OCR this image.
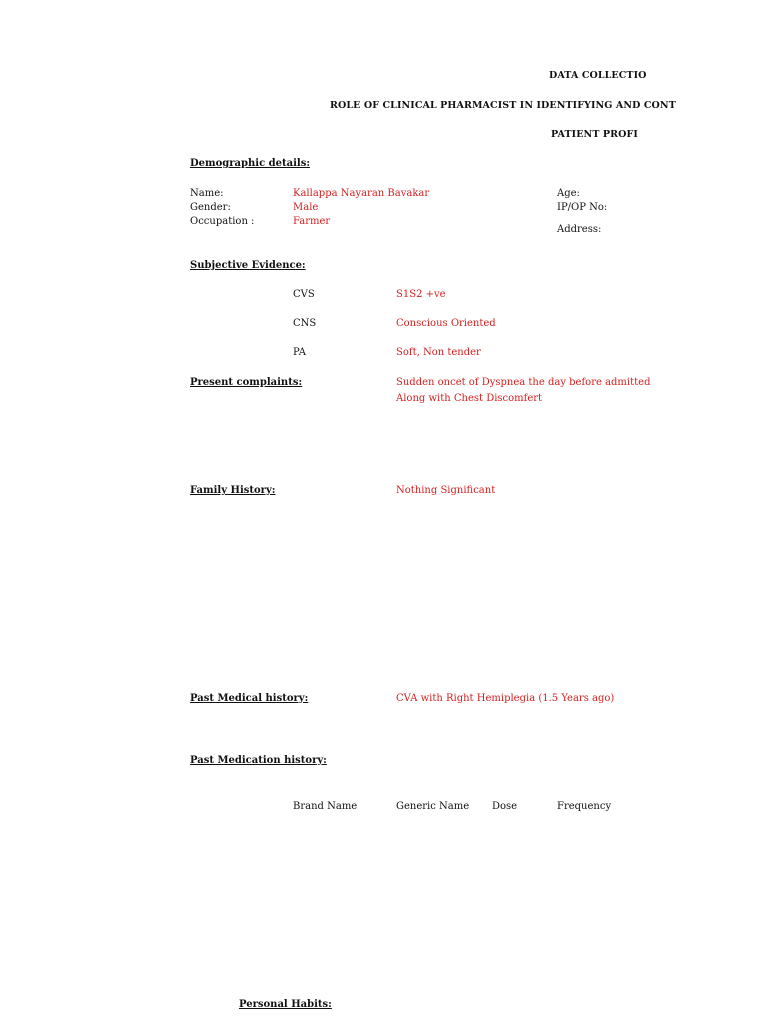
DATA COLLECTIO
ROLE OF CLINICAL PHARMACIST IN IDENTIFYING AND CONT
PATIENT PROFI
Demographic details:
Name:	Kallappa Nayaran Bavakar	Age:
Gender:	Male	IP/OP No:
Occupation :	Farmer
Address:
Subjective Evidence:
CVS	S1S2 +ve
CNS	Conscious Oriented
PA	Soft, Non tender
Present complaints:	Sudden oncet of Dyspnea the day before admitted
Along with Chest Discomfert
Family History:	Nothing Significant
Past Medical history:	CVA with Right Hemiplegia (1.5 Years ago)
Past Medication history:
Brand Name	Generic Name Dose	Frequency
Personal Habits:
